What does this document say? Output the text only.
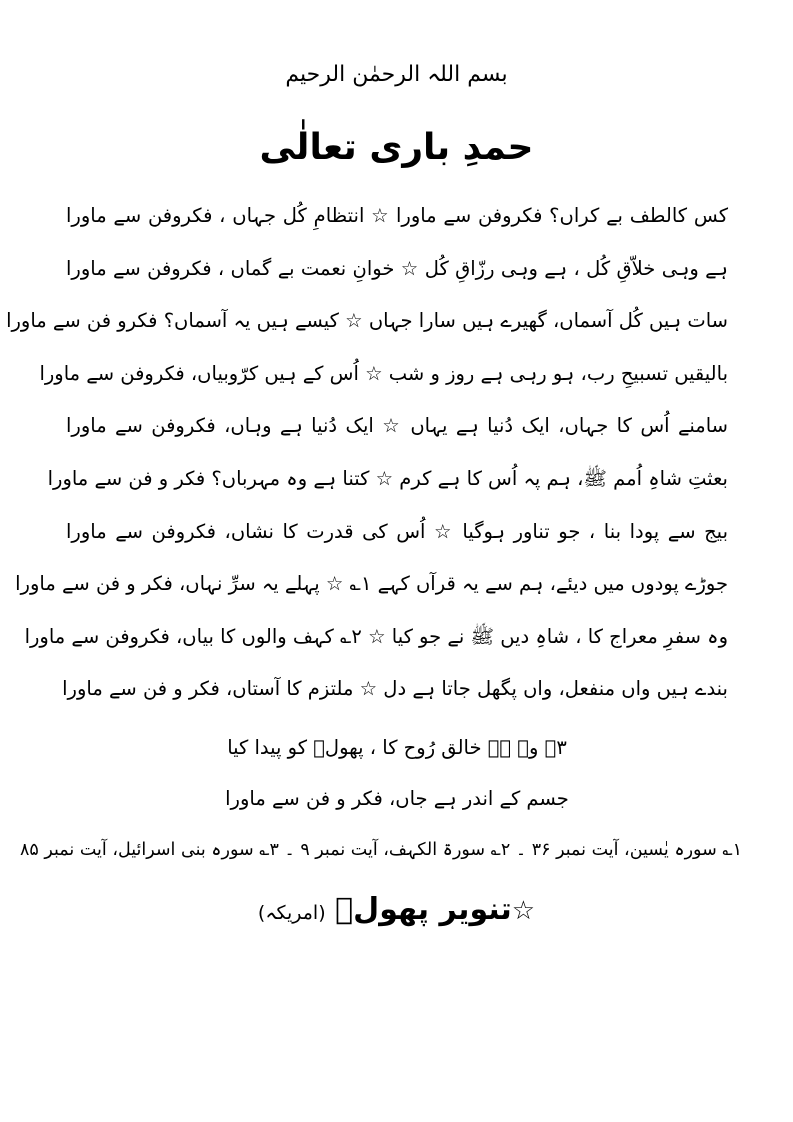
بسم اللہ الرحمٰن الرحیم
حمدِ باری تعالٰی
کس کالطف بے کراں؟ فکروفن سے ماورا ☆ انتظامِ کُل جہاں ، فکروفن سے ماورا
ہے وہی خلاّقِ کُل ، ہے وہی رزّاقِ کُل ☆ خوانِ نعمت بے گماں ، فکروفن سے ماورا
سات ہیں کُل آسماں، گھیرے ہیں سارا جہاں ☆ کیسے ہیں یہ آسماں؟ فکرو فن سے ماورا
بالیقیں تسبیحِ رب، ہو رہی ہے روز و شب ☆ اُس کے ہیں کرّوبیاں، فکروفن سے ماورا
سامنے اُس کا جہاں، ایک دُنیا ہے یہاں ☆ ایک دُنیا ہے وہاں، فکروفن سے ماورا
بعثتِ شاہِ اُمم ﷺ، ہم پہ اُس کا ہے کرم ☆ کتنا ہے وہ مہرباں؟ فکر و فن سے ماورا
بیج سے پودا بنا ، جو تناور ہوگیا ☆ اُس کی قدرت کا نشاں، فکروفن سے ماورا
جوڑے پودوں میں دیئے، ہم سے یہ قرآں کہے ۱؎ ☆ پہلے یہ سرِّ نہاں، فکر و فن سے ماورا
وہ سفرِ معراج کا ، شاہِ دیں ﷺ نے جو کیا ☆ ۲؎ کہف والوں کا بیاں، فکروفن سے ماورا
بندے ہیں واں منفعل، واں پگھل جاتا ہے دل ☆ ملتزم کا آستاں، فکر و فن سے ماورا
۳؎ وہ ہے خالق رُوح کا ، پھولؔ کو پیدا کیا
جسم کے اندر ہے جاں، فکر و فن سے ماورا
۱؎ سورہ یٰسین، آیت نمبر ۳۶ ۔ ۲؎ سورۃ الکہف، آیت نمبر ۹ ۔ ۳؎ سورہ بنی اسرائیل، آیت نمبر ۸۵
☆تنویر پھولؔ (امریکہ)
